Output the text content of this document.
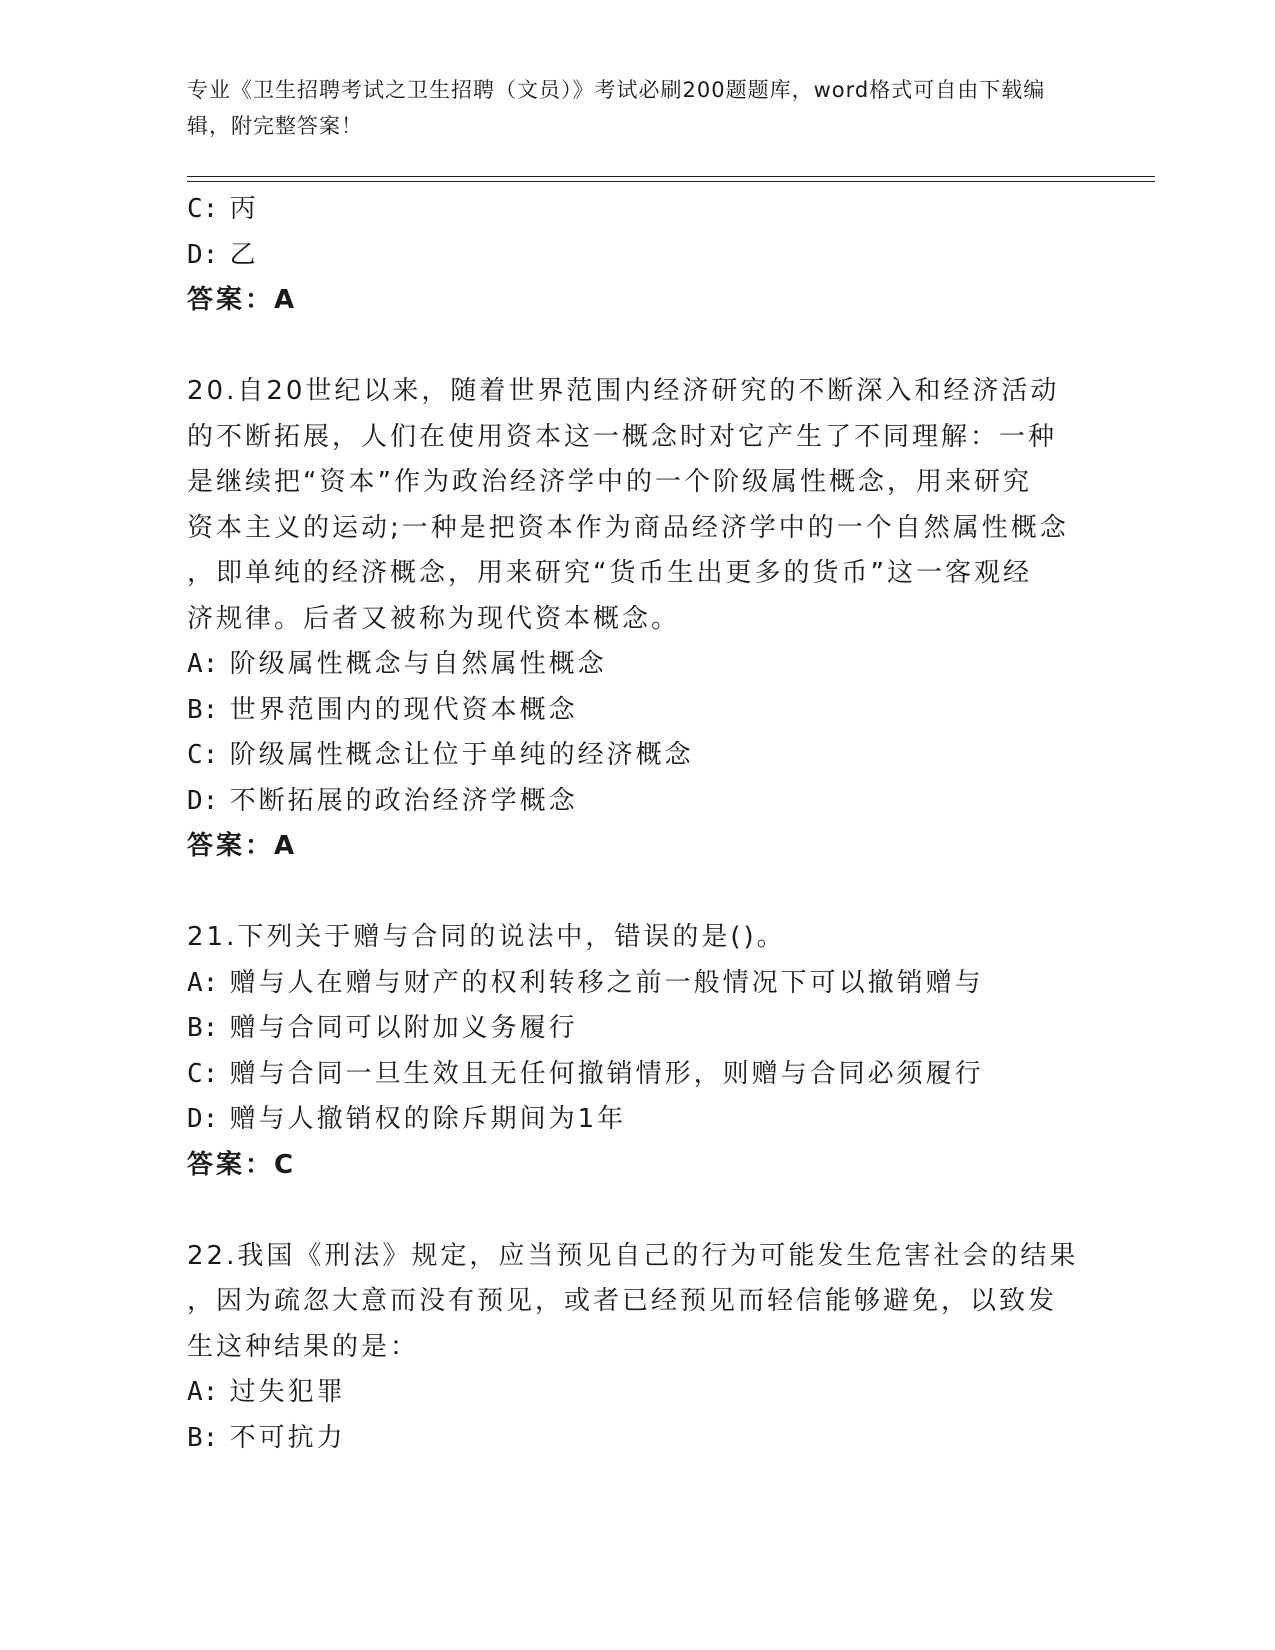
专业《卫生招聘考试之卫生招聘（文员）》考试必刷200题题库，word格式可自由下载编辑，附完整答案！
C: 丙
D: 乙
答案：A
20.自20世纪以来，随着世界范围内经济研究的不断深入和经济活动
的不断拓展，人们在使用资本这一概念时对它产生了不同理解：一种
是继续把“资本”作为政治经济学中的一个阶级属性概念，用来研究
资本主义的运动;一种是把资本作为商品经济学中的一个自然属性概念
，即单纯的经济概念，用来研究“货币生出更多的货币”这一客观经
济规律。后者又被称为现代资本概念。
A: 阶级属性概念与自然属性概念
B: 世界范围内的现代资本概念
C: 阶级属性概念让位于单纯的经济概念
D: 不断拓展的政治经济学概念
答案：A
21.下列关于赠与合同的说法中，错误的是()。
A: 赠与人在赠与财产的权利转移之前一般情况下可以撤销赠与
B: 赠与合同可以附加义务履行
C: 赠与合同一旦生效且无任何撤销情形，则赠与合同必须履行
D: 赠与人撤销权的除斥期间为1年
答案：C
22.我国《刑法》规定，应当预见自己的行为可能发生危害社会的结果
，因为疏忽大意而没有预见，或者已经预见而轻信能够避免，以致发
生这种结果的是：
A: 过失犯罪
B: 不可抗力
